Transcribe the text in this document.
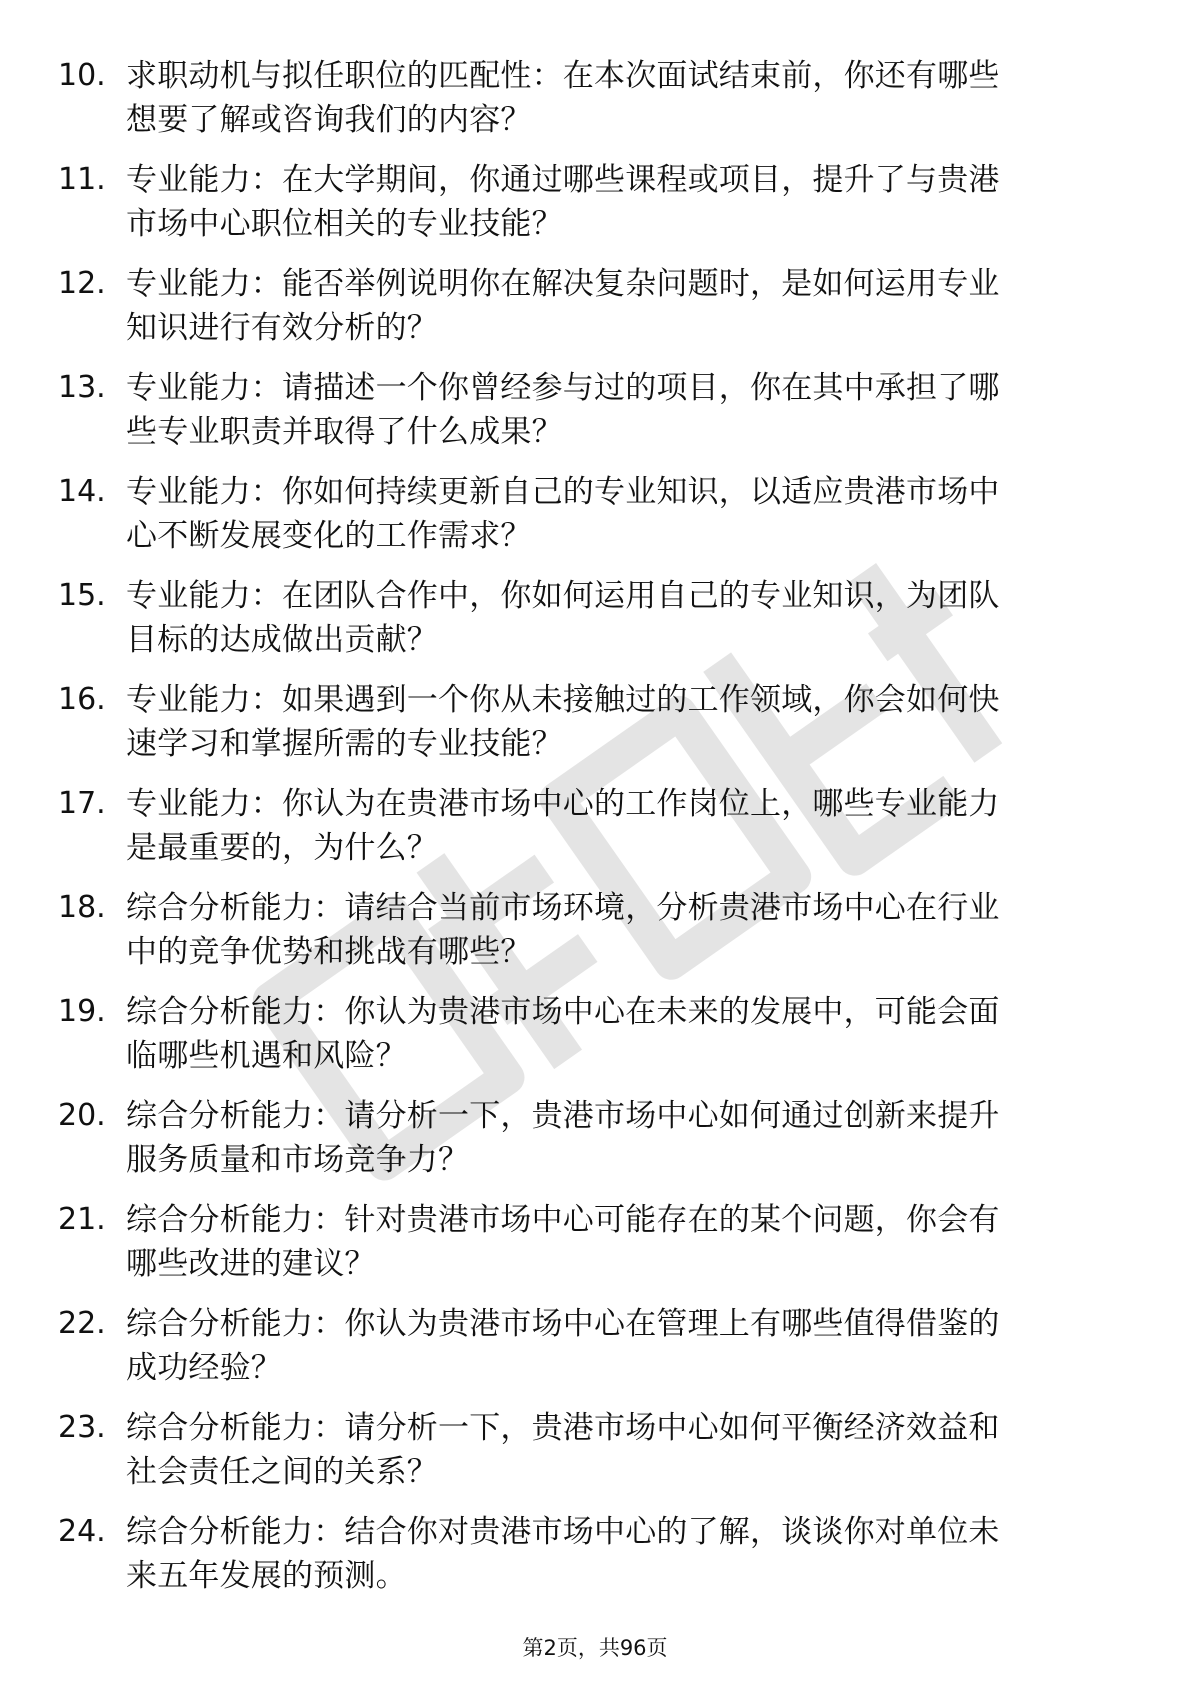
10. 求职动机与拟任职位的匹配性：在本次面试结束前，你还有哪些
想要了解或咨询我们的内容？
11. 专业能力：在大学期间，你通过哪些课程或项目，提升了与贵港
市场中心职位相关的专业技能？
12. 专业能力：能否举例说明你在解决复杂问题时，是如何运用专业
知识进行有效分析的？
13. 专业能力：请描述一个你曾经参与过的项目，你在其中承担了哪
些专业职责并取得了什么成果？
14. 专业能力：你如何持续更新自己的专业知识，以适应贵港市场中
心不断发展变化的工作需求？
15. 专业能力：在团队合作中，你如何运用自己的专业知识，为团队
目标的达成做出贡献？
16. 专业能力：如果遇到一个你从未接触过的工作领域，你会如何快
速学习和掌握所需的专业技能？
17. 专业能力：你认为在贵港市场中心的工作岗位上，哪些专业能力
是最重要的，为什么？
18. 综合分析能力：请结合当前市场环境，分析贵港市场中心在行业
中的竞争优势和挑战有哪些？
19. 综合分析能力：你认为贵港市场中心在未来的发展中，可能会面
临哪些机遇和风险？
20. 综合分析能力：请分析一下，贵港市场中心如何通过创新来提升
服务质量和市场竞争力？
21. 综合分析能力：针对贵港市场中心可能存在的某个问题，你会有
哪些改进的建议？
22. 综合分析能力：你认为贵港市场中心在管理上有哪些值得借鉴的
成功经验？
23. 综合分析能力：请分析一下，贵港市场中心如何平衡经济效益和
社会责任之间的关系？
24. 综合分析能力：结合你对贵港市场中心的了解，谈谈你对单位未
来五年发展的预测。
第2页，共96页
